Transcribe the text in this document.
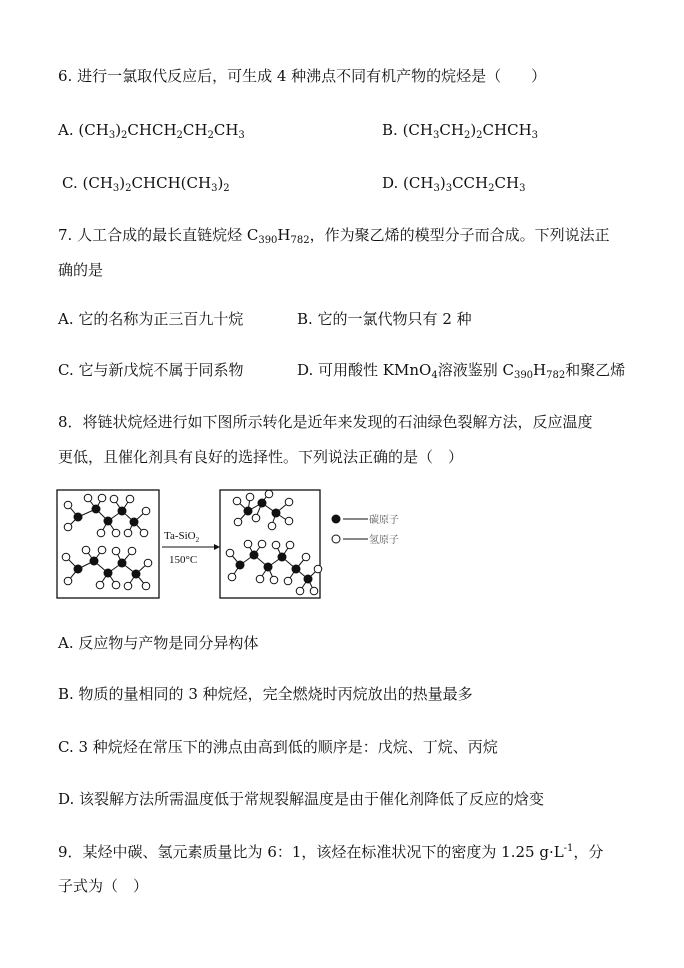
6. 进行一氯取代反应后，可生成 4 种沸点不同有机产物的烷烃是（　　）
A. $(CH_3)_2CHCH_2CH_2CH_3$	B. $(CH_3CH_2)_2CHCH_3$
C. $(CH_3)_2CHCH(CH_3)_2$	D. $(CH_3)_3CCH_2CH_3$
7. 人工合成的最长直链烷烃 $C_{390}H_{782}$，作为聚乙烯的模型分子而合成。下列说法正
确的是
A. 它的名称为正三百九十烷	B. 它的一氯代物只有 2 种
C. 它与新戊烷不属于同系物	D. 可用酸性 KMnO$_4$溶液鉴别 $C_{390}H_{782}$和聚乙烯
8．将链状烷烃进行如下图所示转化是近年来发现的石油绿色裂解方法，反应温度
更低，且催化剂具有良好的选择性。下列说法正确的是（　）
Ta-SiO$_2$
150°C
碳原子
氢原子
A. 反应物与产物是同分异构体
B. 物质的量相同的 3 种烷烃，完全燃烧时丙烷放出的热量最多
C. 3 种烷烃在常压下的沸点由高到低的顺序是：戊烷、丁烷、丙烷
D. 该裂解方法所需温度低于常规裂解温度是由于催化剂降低了反应的焓变
9．某烃中碳、氢元素质量比为 6：1，该烃在标准状况下的密度为 1.25 $g\cdot L^{-1}$，分
子式为（　）
